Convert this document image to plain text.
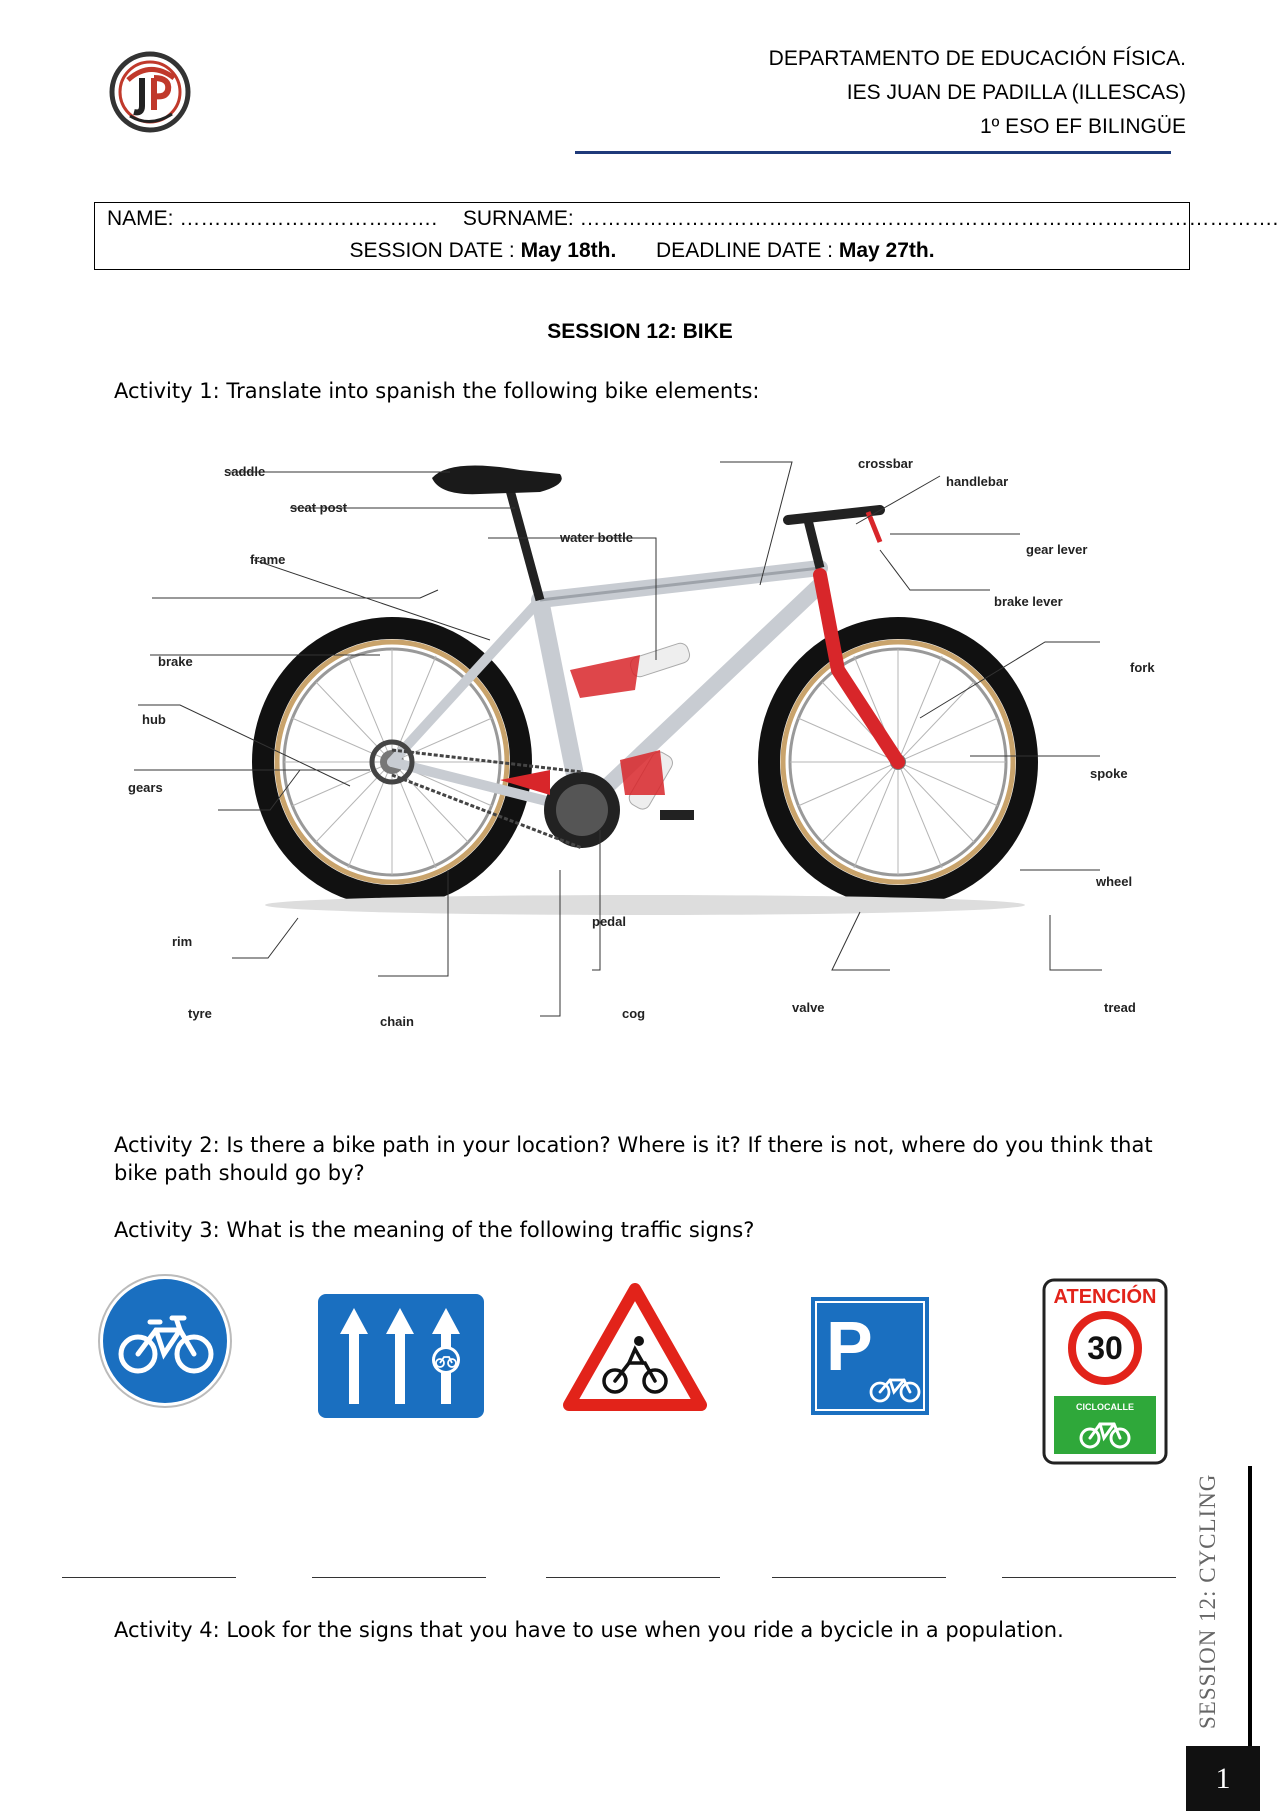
DEPARTAMENTO DE EDUCACIÓN FÍSICA.
IES JUAN DE PADILLA (ILLESCAS)
1º ESO EF BILINGÜE
NAME: ………………………………. SURNAME: ……………………………………………………………………………………….
SESSION DATE : May 18th. DEADLINE DATE : May 27th.
SESSION 12: BIKE
Activity 1: Translate into spanish the following bike elements:
saddle
seat post
frame
brake
hub
gears
rim
tyre
chain
water bottle
pedal
cog
crossbar
handlebar
gear lever
brake lever
fork
spoke
wheel
valve	tread
Activity 2: Is there a bike path in your location? Where is it? If there is not, where do you think that bike path should go by?
Activity 3: What is the meaning of the following traffic signs?
P
ATENCIÓN
30
CICLOCALLE
Activity 4: Look for the signs that you have to use when you ride a bycicle in a population.	SESSION 12: CYCLING
1
